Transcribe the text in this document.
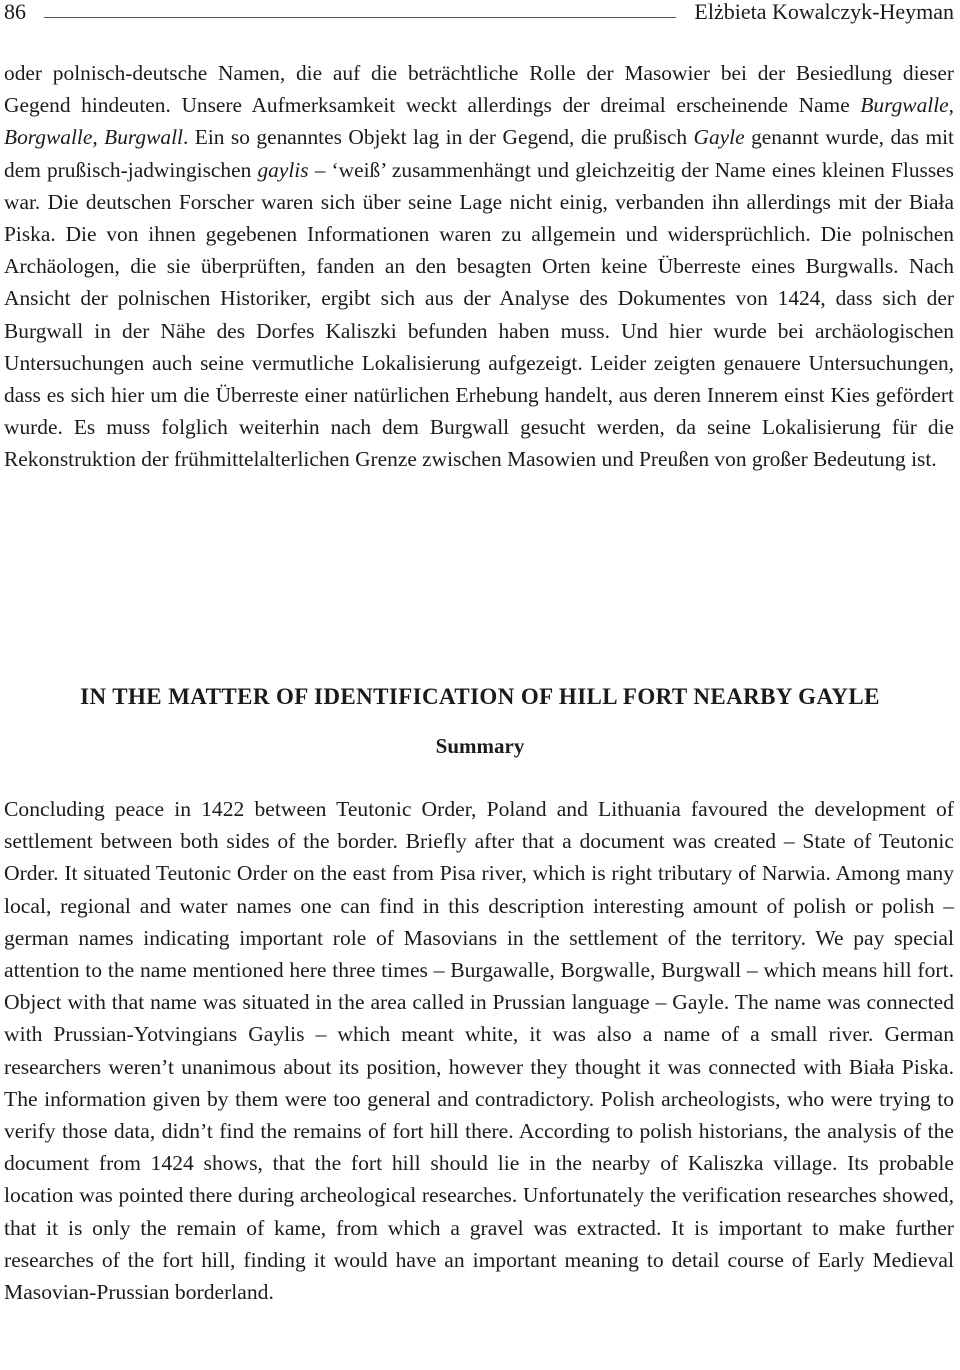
86	Elżbieta Kowalczyk-Heyman

oder polnisch-deutsche Namen, die auf die beträchtliche Rolle der Masowier bei der Besiedlung dieser Gegend hindeuten. Unsere Aufmerksamkeit weckt allerdings der dreimal erscheinende Name Burgwalle, Borgwalle, Burgwall. Ein so genanntes Objekt lag in der Gegend, die prußisch Gayle genannt wurde, das mit dem prußisch-jadwingischen gaylis – ‘weiß’ zusammenhängt und gleichzeitig der Name eines kleinen Flusses war. Die deutschen Forscher waren sich über seine Lage nicht einig, verbanden ihn allerdings mit der Biała Piska. Die von ihnen gegebenen Informationen waren zu allgemein und widersprüchlich. Die polnischen Archäologen, die sie überprüften, fanden an den besagten Orten keine Überreste eines Burgwalls. Nach Ansicht der polnischen Historiker, ergibt sich aus der Analyse des Dokumentes von 1424, dass sich der Burgwall in der Nähe des Dorfes Kaliszki befunden haben muss. Und hier wurde bei archäologischen Untersuchungen auch seine vermutliche Lokalisierung aufgezeigt. Leider zeigten genauere Untersuchungen, dass es sich hier um die Überreste einer natürlichen Erhebung handelt, aus deren Innerem einst Kies gefördert wurde. Es muss folglich weiterhin nach dem Burgwall gesucht werden, da seine Lokalisierung für die Rekonstruktion der frühmittelalterlichen Grenze zwischen Masowien und Preußen von großer Bedeutung ist.

IN THE MATTER OF IDENTIFICATION OF HILL FORT NEARBY GAYLE
Summary

Concluding peace in 1422 between Teutonic Order, Poland and Lithuania favoured the development of settlement between both sides of the border. Briefly after that a document was created – State of Teutonic Order. It situated Teutonic Order on the east from Pisa river, which is right tributary of Narwia. Among many local, regional and water names one can find in this description interesting amount of polish or polish – german names indicating important role of Masovians in the settlement of the territory. We pay special attention to the name mentioned here three times – Burgawalle, Borgwalle, Burgwall – which means hill fort. Object with that name was situated in the area called in Prussian language – Gayle. The name was connected with Prussian-Yotvingians Gaylis – which meant white, it was also a name of a small river. German researchers weren’t unanimous about its position, however they thought it was connected with Biała Piska. The information given by them were too general and contradictory. Polish archeologists, who were trying to verify those data, didn’t find the remains of fort hill there. According to polish historians, the analysis of the document from 1424 shows, that the fort hill should lie in the nearby of Kaliszka village. Its probable location was pointed there during archeological researches. Unfortunately the verification researches showed, that it is only the remain of kame, from which a gravel was extracted. It is important to make further researches of the fort hill, finding it would have an important meaning to detail course of Early Medieval Masovian-Prussian borderland.
